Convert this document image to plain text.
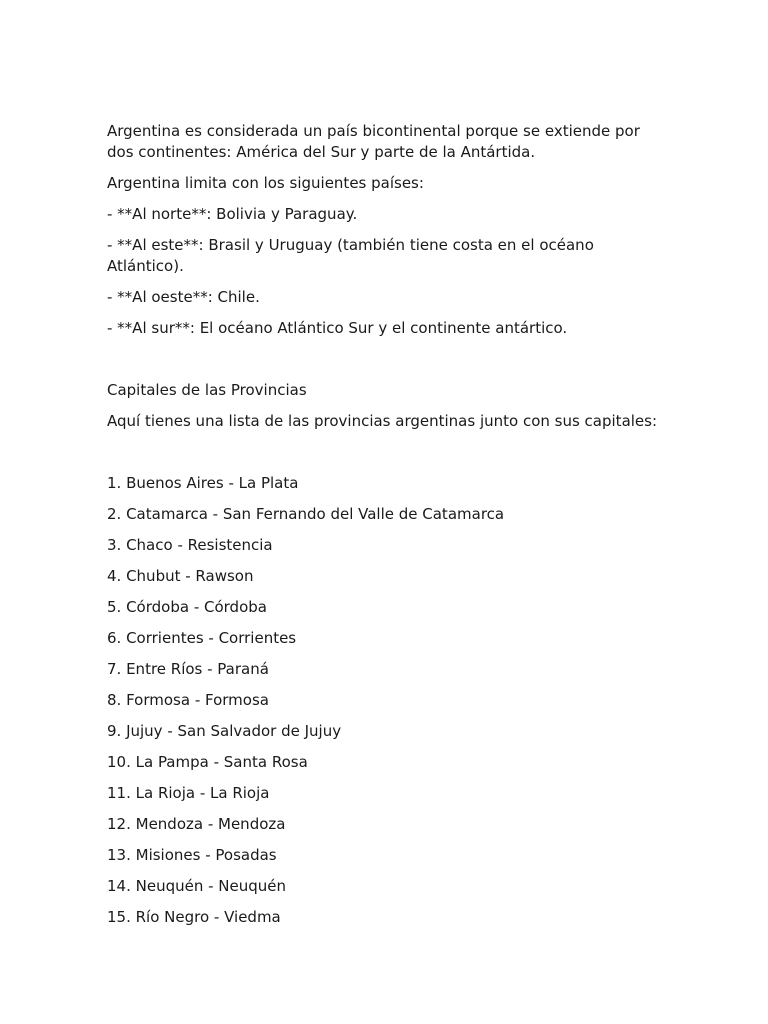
Argentina es considerada un país bicontinental porque se extiende por dos continentes: América del Sur y parte de la Antártida.

Argentina limita con los siguientes países:

- **Al norte**: Bolivia y Paraguay.

- **Al este**: Brasil y Uruguay (también tiene costa en el océano Atlántico).

- **Al oeste**: Chile.

- **Al sur**: El océano Atlántico Sur y el continente antártico.

Capitales de las Provincias

Aquí tienes una lista de las provincias argentinas junto con sus capitales:

1. Buenos Aires - La Plata

2. Catamarca - San Fernando del Valle de Catamarca

3. Chaco - Resistencia

4. Chubut - Rawson

5. Córdoba - Córdoba

6. Corrientes - Corrientes

7. Entre Ríos - Paraná

8. Formosa - Formosa

9. Jujuy - San Salvador de Jujuy

10. La Pampa - Santa Rosa

11. La Rioja - La Rioja

12. Mendoza - Mendoza

13. Misiones - Posadas

14. Neuquén - Neuquén

15. Río Negro - Viedma
